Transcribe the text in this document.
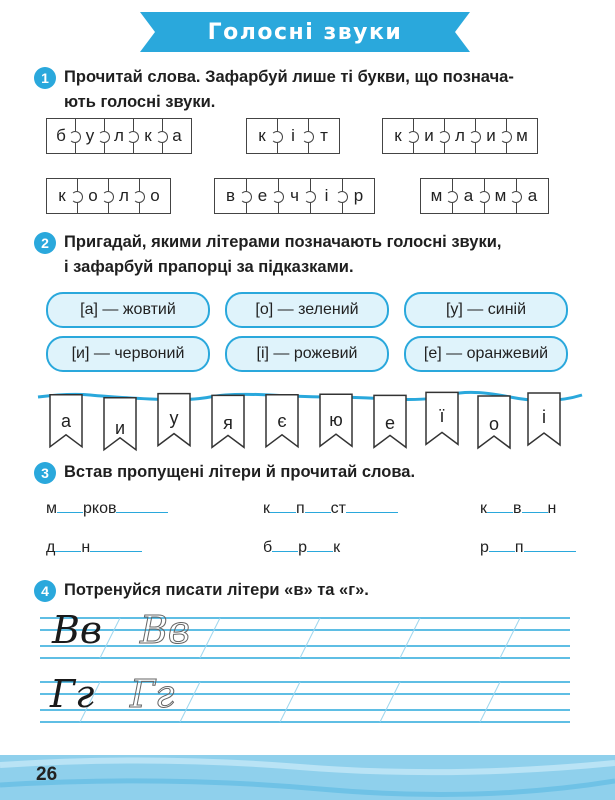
Голосні звуки
1 Прочитай слова. Зафарбуй лише ті букви, що познача-
ють голосні звуки.
б	у	л	к	а	к	і	т	к	и	л	и	м
к	о	л	о	в	е	ч	і	р	м	а	м	а
2 Пригадай, якими літерами позначають голосні звуки,
і зафарбуй прапорці за підказками.
[а] — жовтий	[о] — зелений	[у] — синій
[и] — червоний	[і] — рожевий	[е] — оранжевий
а	и	у	я	є	ю	е	ї	о	і
3 Встав пропущені літери й прочитай слова.
м рков	к п ст	к в н
д н	б р к	р п
4 Потренуйся писати літери «в» та «г».
Вв Вв
Гг Гг
26
